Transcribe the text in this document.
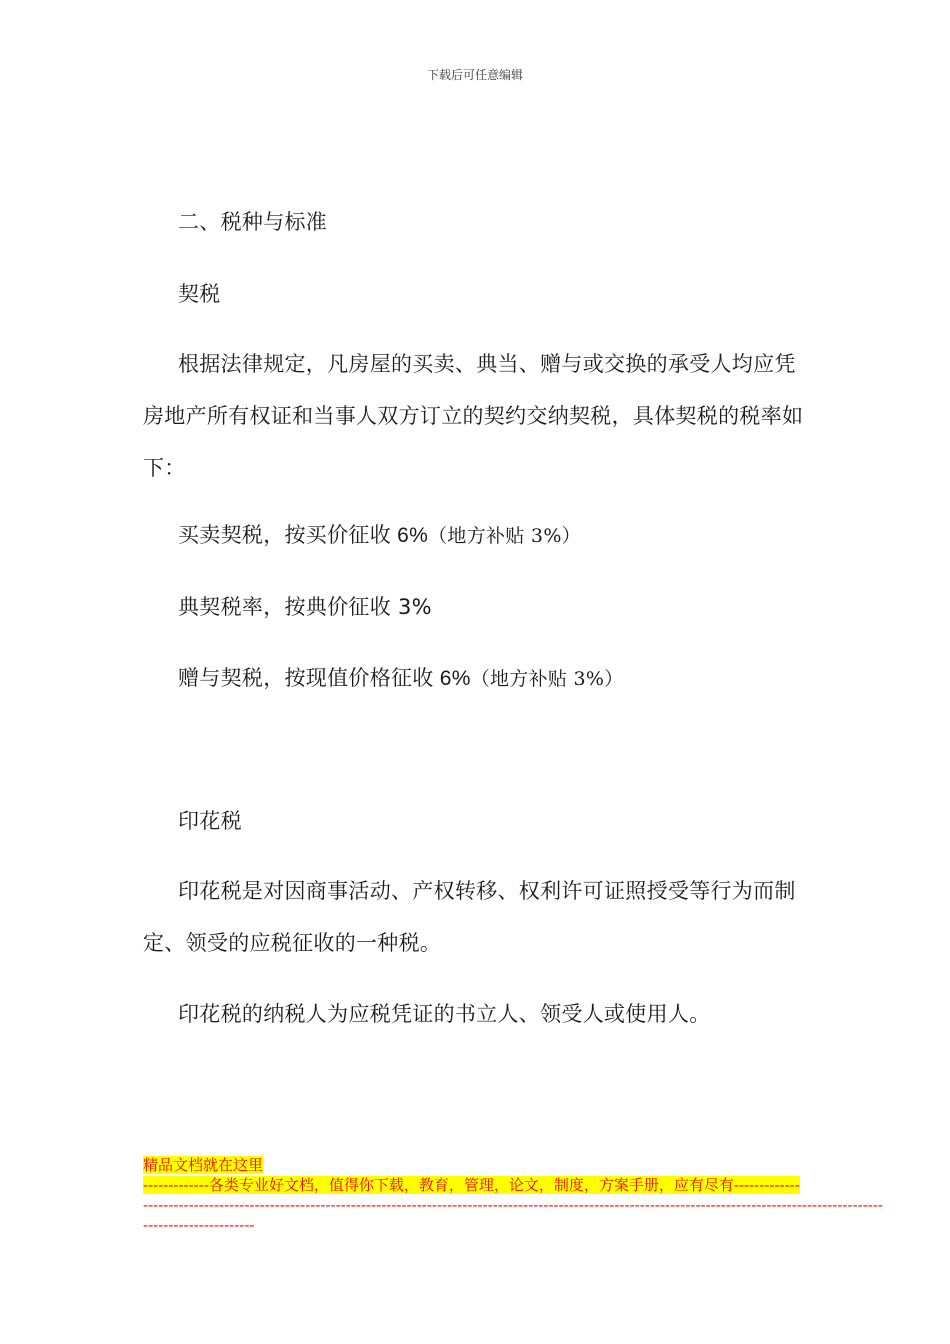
下载后可任意编辑
二、税种与标准
契税
根据法律规定，凡房屋的买卖、典当、赠与或交换的承受人均应凭房地产所有权证和当事人双方订立的契约交纳契税，具体契税的税率如下：
买卖契税，按买价征收 6%（地方补贴 3%）
典契税率，按典价征收 3%
赠与契税，按现值价格征收 6%（地方补贴 3%）
印花税
印花税是对因商事活动、产权转移、权利许可证照授受等行为而制定、领受的应税征收的一种税。
印花税的纳税人为应税凭证的书立人、领受人或使用人。
精品文档就在这里
-------------各类专业好文档，值得你下载，教育，管理，论文，制度，方案手册，应有尽有-------------
--------------------------------------------------------------------------------------------------------------------------------------------------
----------------------
